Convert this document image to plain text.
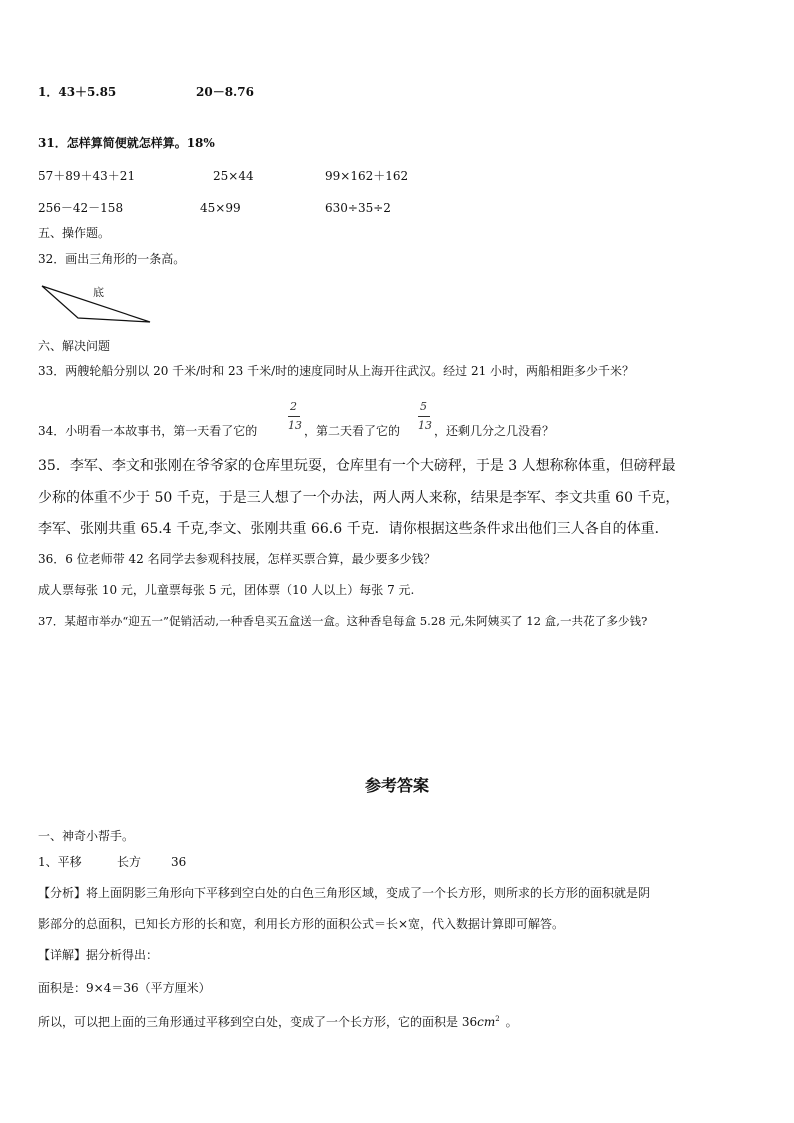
1．43＋5.85	20－8.76
31．怎样算简便就怎样算。18%
57＋89＋43＋21	25×44	99×162＋162
256－42－158	45×99	630÷35÷2
五、操作题。
32．画出三角形的一条高。
底
六、解决问题
33．两艘轮船分别以 20 千米/时和 23 千米/时的速度同时从上海开往武汉。经过 21 小时，两船相距多少千米？
34．小明看一本故事书，第一天看了它的
2
13 ，第二天看了它的
5
13 ，还剩几分之几没看？
35．李军、李文和张刚在爷爷家的仓库里玩耍，仓库里有一个大磅秤，于是 3 人想称称体重，但磅秤最
少称的体重不少于 50 千克，于是三人想了一个办法，两人两人来称，结果是李军、李文共重 60 千克，
李军、张刚共重 65.4 千克,李文、张刚共重 66.6 千克．请你根据这些条件求出他们三人各自的体重．
36．6 位老师带 42 名同学去参观科技展，怎样买票合算，最少要多少钱？
成人票每张 10 元，儿童票每张 5 元，团体票（10 人以上）每张 7 元.
37．某超市举办“迎五一”促销活动,一种香皂买五盒送一盒。这种香皂每盒 5.28 元,朱阿姨买了 12 盒,一共花了多少钱?
参考答案
一、神奇小帮手。
1、平移	长方 36
【分析】将上面阴影三角形向下平移到空白处的白色三角形区域，变成了一个长方形，则所求的长方形的面积就是阴
影部分的总面积，已知长方形的长和宽，利用长方形的面积公式＝长×宽，代入数据计算即可解答。
【详解】据分析得出：
面积是：9×4＝36（平方厘米）
所以，可以把上面的三角形通过平移到空白处，变成了一个长方形，它的面积是 $36cm^2$ 。
